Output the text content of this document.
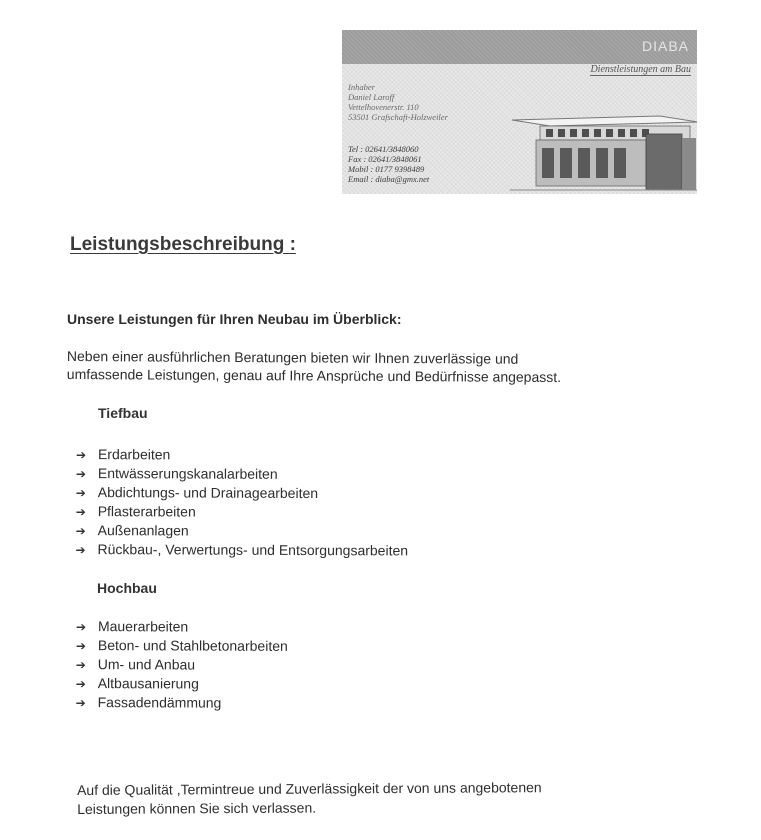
DIABA
Dienstleistungen am Bau
Inhaber
Daniel Laroff
Vettelhovenerstr. 110
53501 Grafschaft-Holzweiler
Tel : 02641/3848060
Fax : 02641/3848061
Mobil : 0177 9398489
Email : diaba@gmx.net
Leistungsbeschreibung :
Unsere Leistungen für Ihren Neubau im Überblick:
Neben einer ausführlichen Beratungen bieten wir Ihnen zuverlässige und
umfassende Leistungen, genau auf Ihre Ansprüche und Bedürfnisse angepasst.
Tiefbau
➔ Erdarbeiten
➔ Entwässerungskanalarbeiten
➔ Abdichtungs- und Drainagearbeiten
➔ Pflasterarbeiten
➔ Außenanlagen
➔ Rückbau-, Verwertungs- und Entsorgungsarbeiten
Hochbau
➔ Mauerarbeiten
➔ Beton- und Stahlbetonarbeiten
➔ Um- und Anbau
➔ Altbausanierung
➔ Fassadendämmung
Auf die Qualität ,Termintreue und Zuverlässigkeit der von uns angebotenen
Leistungen können Sie sich verlassen.
